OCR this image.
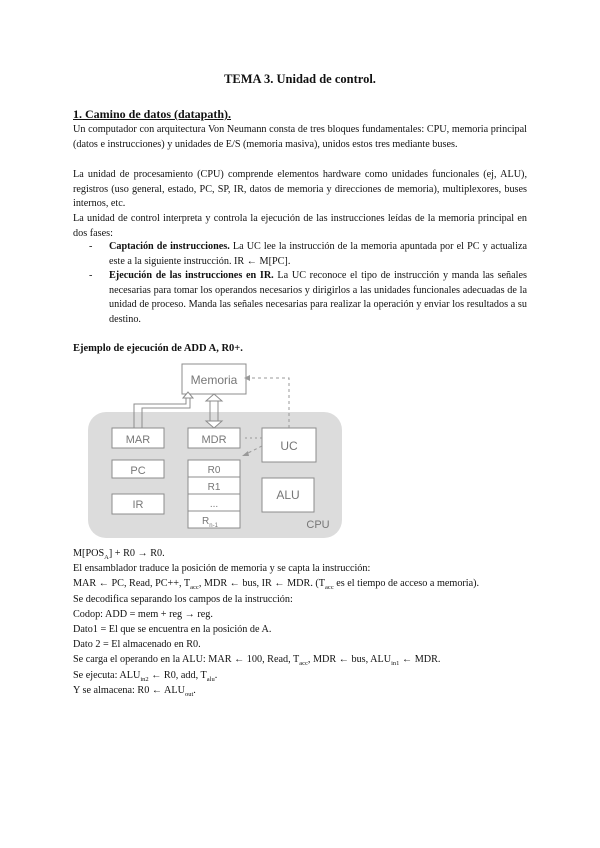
TEMA 3. Unidad de control.
1. Camino de datos (datapath).

Un computador con arquitectura Von Neumann consta de tres bloques fundamentales: CPU, memoria principal (datos e instrucciones) y unidades de E/S (memoria masiva), unidos estos tres mediante buses.

La unidad de procesamiento (CPU) comprende elementos hardware como unidades funcionales (ej, ALU), registros (uso general, estado, PC, SP, IR, datos de memoria y direcciones de memoria), multiplexores, buses internos, etc.

La unidad de control interpreta y controla la ejecución de las instrucciones leídas de la memoria principal en dos fases:

- Captación de instrucciones. La UC lee la instrucción de la memoria apuntada por el PC y actualiza este a la siguiente instrucción. IR ← M[PC].
- Ejecución de las instrucciones en IR. La UC reconoce el tipo de instrucción y manda las señales necesarias para tomar los operandos necesarios y dirigirlos a las unidades funcionales adecuadas de la unidad de proceso. Manda las señales necesarias para realizar la operación y enviar los resultados a su destino.
Ejemplo de ejecución de ADD A, R0+.
Memoria
MAR	MDR	UC
PC
IR
R0
R1
...
$R_{n-1}$
ALU
CPU
$M[POS_A] + R0 \to R0$.
El ensamblador traduce la posición de memoria y se capta la instrucción:
MAR ← PC, Read, PC++, $T_{acc}$, MDR ← bus, IR ← MDR. ($T_{acc}$ es el tiempo de acceso a memoria).
Se decodifica separando los campos de la instrucción:
Codop: ADD = mem + reg → reg.
Dato1 = El que se encuentra en la posición de A.
Dato 2 = El almacenado en R0.
Se carga el operando en la ALU: MAR ← 100, Read, $T_{acc}$, MDR ← bus, $ALU_{in1}$ ← MDR.
Se ejecuta: $ALU_{in2}$ ← R0, add, $T_{alu}$.
Y se almacena: R0 ← $ALU_{out}$.
